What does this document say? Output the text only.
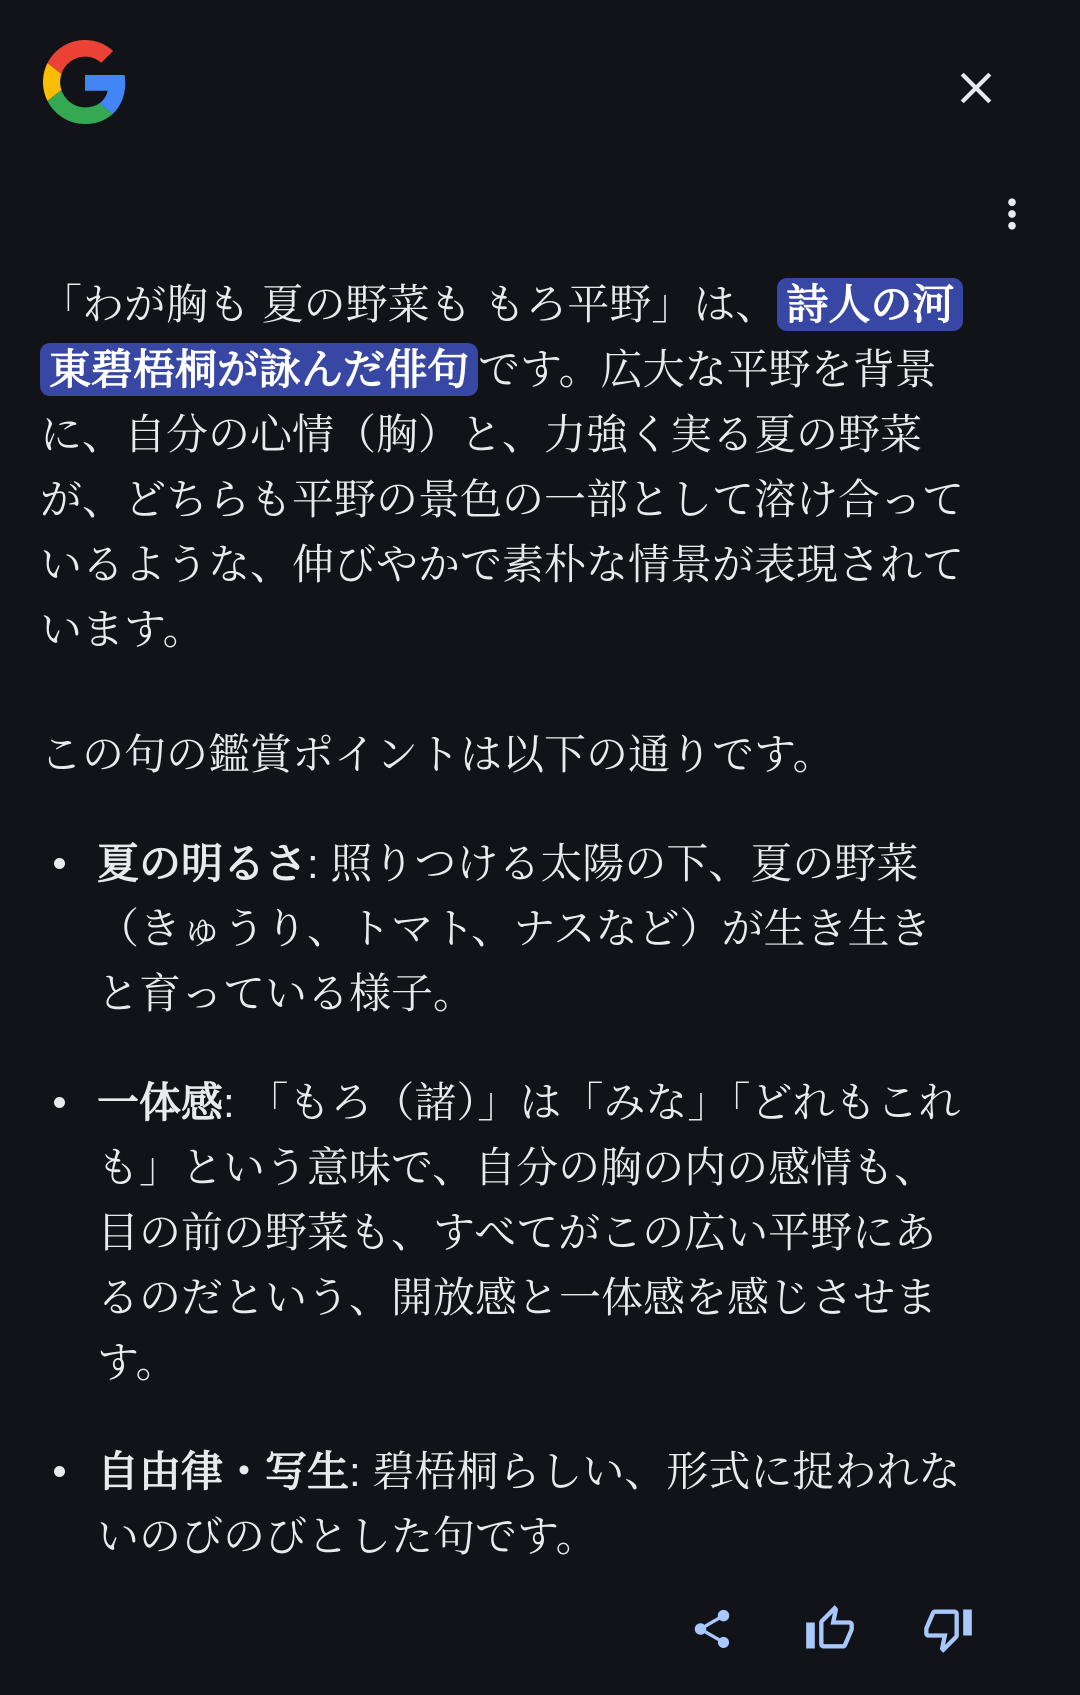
「わが胸も 夏の野菜も もろ平野」は、 詩人の河東碧梧桐が詠んだ俳句 です。広大な平野を背景に、自分の心情（胸）と、力強く実る夏の野菜が、どちらも平野の景色の一部として溶け合っているような、伸びやかで素朴な情景が表現されています。

この句の鑑賞ポイントは以下の通りです。

夏の明るさ: 照りつける太陽の下、夏の野菜（きゅうり、トマト、ナスなど）が生き生きと育っている様子。
一体感: 「もろ（諸）」は「みな」「どれもこれも」という意味で、自分の胸の内の感情も、目の前の野菜も、すべてがこの広い平野にあるのだという、開放感と一体感を感じさせます。
自由律・写生: 碧梧桐らしい、形式に捉われないのびのびとした句です。
